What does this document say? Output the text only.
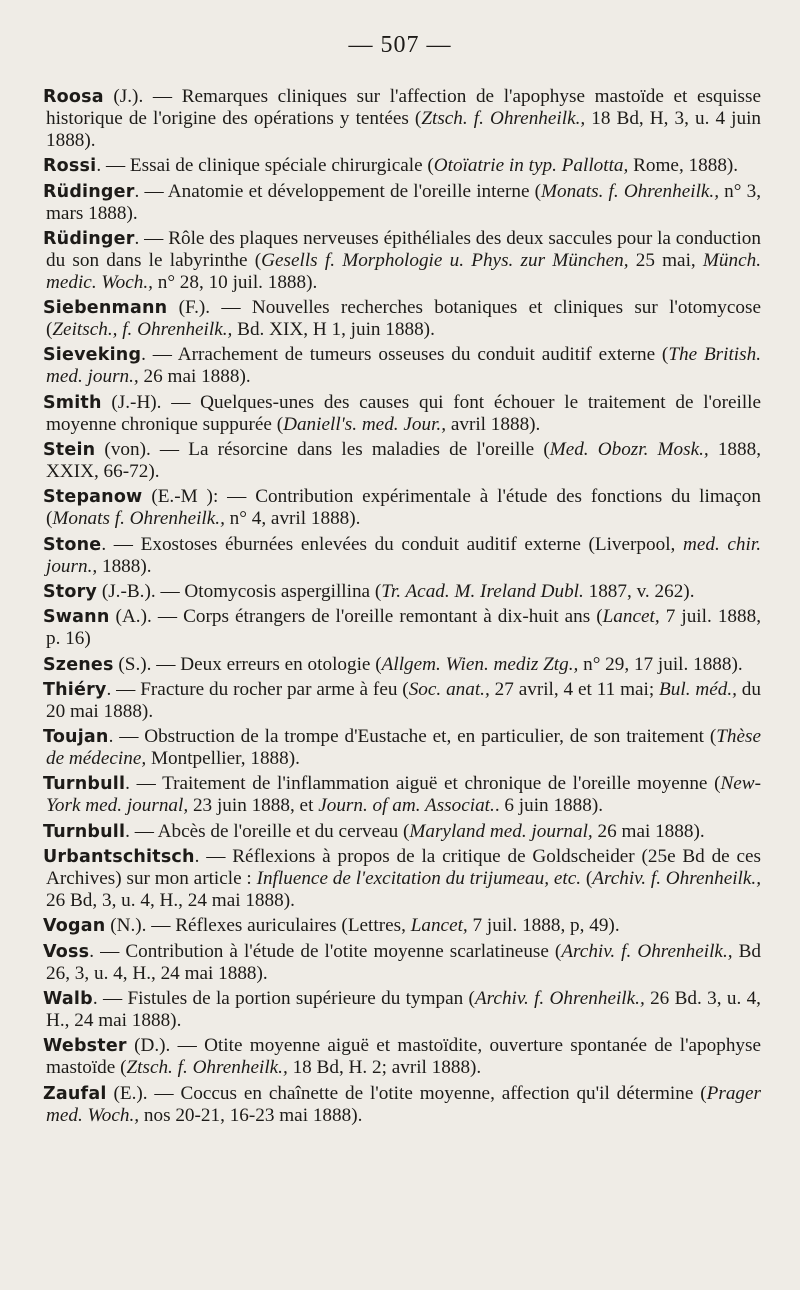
— 507 —
Roosa (J.). — Remarques cliniques sur l'affection de l'apophyse mastoïde et esquisse historique de l'origine des opérations y tentées (Ztsch. f. Ohrenheilk., 18 Bd, H, 3, u. 4 juin 1888).
Rossi. — Essai de clinique spéciale chirurgicale (Otoïatrie in typ. Pallotta, Rome, 1888).
Rüdinger. — Anatomie et développement de l'oreille interne (Monats. f. Ohrenheilk., n° 3, mars 1888).
Rüdinger. — Rôle des plaques nerveuses épithéliales des deux saccules pour la conduction du son dans le labyrinthe (Gesells f. Morphologie u. Phys. zur München, 25 mai, Münch. medic. Woch., n° 28, 10 juil. 1888).
Siebenmann (F.). — Nouvelles recherches botaniques et cliniques sur l'otomycose (Zeitsch., f. Ohrenheilk., Bd. XIX, H 1, juin 1888).
Sieveking. — Arrachement de tumeurs osseuses du conduit auditif externe (The British. med. journ., 26 mai 1888).
Smith (J.-H). — Quelques-unes des causes qui font échouer le traitement de l'oreille moyenne chronique suppurée (Daniell's. med. Jour., avril 1888).
Stein (von). — La résorcine dans les maladies de l'oreille (Med. Obozr. Mosk., 1888, XXIX, 66-72).
Stepanow (E.-M ): — Contribution expérimentale à l'étude des fonctions du limaçon (Monats f. Ohrenheilk., n° 4, avril 1888).
Stone. — Exostoses éburnées enlevées du conduit auditif externe (Liverpool, med. chir. journ., 1888).
Story (J.-B.). — Otomycosis aspergillina (Tr. Acad. M. Ireland Dubl. 1887, v. 262).
Swann (A.). — Corps étrangers de l'oreille remontant à dix-huit ans (Lancet, 7 juil. 1888, p. 16)
Szenes (S.). — Deux erreurs en otologie (Allgem. Wien. mediz Ztg., n° 29, 17 juil. 1888).
Thiéry. — Fracture du rocher par arme à feu (Soc. anat., 27 avril, 4 et 11 mai; Bul. méd., du 20 mai 1888).
Toujan. — Obstruction de la trompe d'Eustache et, en particulier, de son traitement (Thèse de médecine, Montpellier, 1888).
Turnbull. — Traitement de l'inflammation aiguë et chronique de l'oreille moyenne (New-York med. journal, 23 juin 1888, et Journ. of am. Associat.. 6 juin 1888).
Turnbull. — Abcès de l'oreille et du cerveau (Maryland med. journal, 26 mai 1888).
Urbantschitsch. — Réflexions à propos de la critique de Goldscheider (25e Bd de ces Archives) sur mon article : Influence de l'excitation du trijumeau, etc. (Archiv. f. Ohrenheilk., 26 Bd, 3, u. 4, H., 24 mai 1888).
Vogan (N.). — Réflexes auriculaires (Lettres, Lancet, 7 juil. 1888, p, 49).
Voss. — Contribution à l'étude de l'otite moyenne scarlatineuse (Archiv. f. Ohrenheilk., Bd 26, 3, u. 4, H., 24 mai 1888).
Walb. — Fistules de la portion supérieure du tympan (Archiv. f. Ohrenheilk., 26 Bd. 3, u. 4, H., 24 mai 1888).
Webster (D.). — Otite moyenne aiguë et mastoïdite, ouverture spontanée de l'apophyse mastoïde (Ztsch. f. Ohrenheilk., 18 Bd, H. 2; avril 1888).
Zaufal (E.). — Coccus en chaînette de l'otite moyenne, affection qu'il détermine (Prager med. Woch., nos 20-21, 16-23 mai 1888).
